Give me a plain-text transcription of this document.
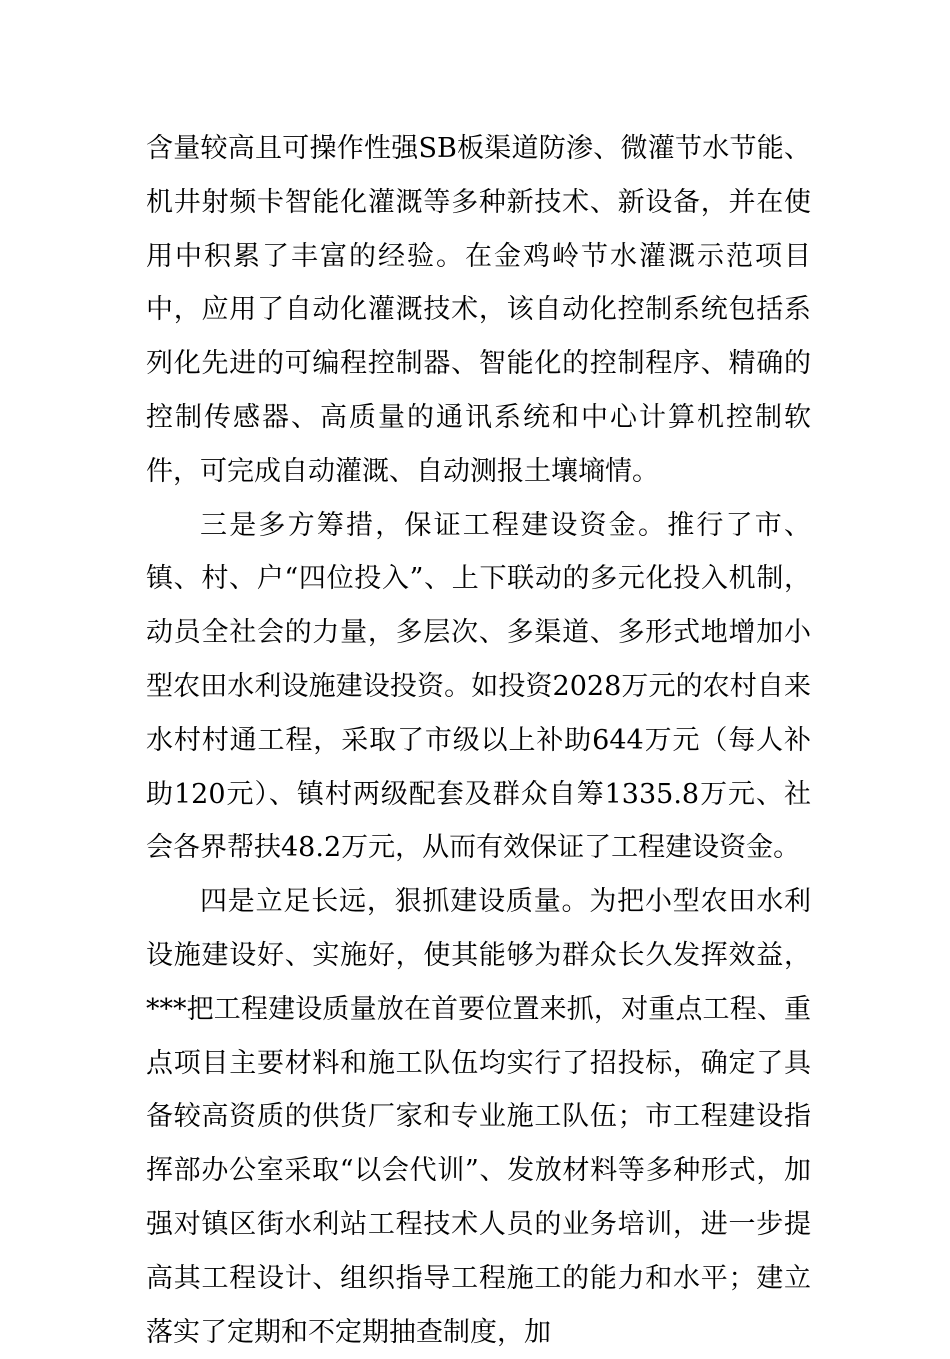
含量较高且可操作性强SB板渠道防渗、微灌节水节能、机井射频卡智能化灌溉等多种新技术、新设备，并在使用中积累了丰富的经验。在金鸡岭节水灌溉示范项目中，应用了自动化灌溉技术，该自动化控制系统包括系列化先进的可编程控制器、智能化的控制程序、精确的控制传感器、高质量的通讯系统和中心计算机控制软件，可完成自动灌溉、自动测报土壤墒情。

三是多方筹措，保证工程建设资金。推行了市、镇、村、户“四位投入”、上下联动的多元化投入机制，动员全社会的力量，多层次、多渠道、多形式地增加小型农田水利设施建设投资。如投资2028万元的农村自来水村村通工程，采取了市级以上补助644万元（每人补助120元）、镇村两级配套及群众自筹1335.8万元、社会各界帮扶48.2万元，从而有效保证了工程建设资金。

四是立足长远，狠抓建设质量。为把小型农田水利设施建设好、实施好，使其能够为群众长久发挥效益，***把工程建设质量放在首要位置来抓，对重点工程、重点项目主要材料和施工队伍均实行了招投标，确定了具备较高资质的供货厂家和专业施工队伍；市工程建设指挥部办公室采取“以会代训”、发放材料等多种形式，加强对镇区街水利站工程技术人员的业务培训，进一步提高其工程设计、组织指导工程施工的能力和水平；建立落实了定期和不定期抽查制度，加
